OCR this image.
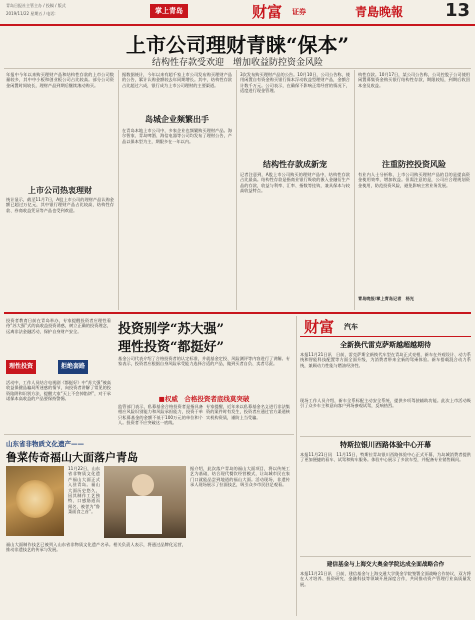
青岛日报社主管主办 / 投稿 / 版式
2019/11/22 星期五 / 电话:	掌上青岛	财富 证券	青島晚報 13
上市公司理财青睐“保本”
结构性存款受欢迎　增加收益防控资金风险
年报中今年以来购买理财产品和结构性存款的上市公司数量较多，其中中小板和创业板公司占比较高。部分公司资金闲置时间较长，理财产品到期后继续滚动购买。
上市公司热衷理财
统计显示，截至11月7日，A股上市公司的理财产品认购金额已超过万亿元，其中银行理财产品占比较高，结构性存款、券商收益凭证等产品也受到欢迎。
据数据统计，今年以来有超千家上市公司发布购买理财产品的公告，累计认购金额较去年同期增长。其中，结构性存款占比超过六成，银行成为上市公司理财的主要渠道。
岛城企业频繁出手
在青岛本地上市公司中，多家企业也频繁购买理财产品。海尔智家、青岛啤酒、海信电器等公司均发布了理财公告，产品以保本型为主，期限多在一年以内。
3次发布购买理财产品的公告。10月10日，公司公告称，使用闲置自有资金购买银行保本浮动收益型理财产品，金额合计数千万元。公司表示，在确保不影响正常经营的情况下，适度进行现金管理。
结构性存款成新宠
记者注意到，A股上市公司购买的理财产品中，结构性存款占比最高。结构性存款是指商业银行吸收的嵌入金融衍生产品的存款，收益与利率、汇率、指数等挂钩，兼具保本与较高收益特点。
构性存款。10月17日，某公司公告称，公司控股子公司使用闲置募集资金购买银行结构性存款，期限较短，到期后收回本金及收益。
注重防控投资风险
有业内人士分析称，上市公司购买理财产品的目的是提高资金使用效率，增加收益。但需注意的是，公司应合理规划资金使用，防范投资风险，避免影响主营业务发展。
青岛晚报/掌上青岛记者　杨光
投资者教育日前在青岛举办，专家提醒投资者应理性看待“苏大强”式的高收益投资诱惑，树立正确的投资理念，远离非法金融活动，保护自身财产安全。
理性投资	拒绝套路
活动中，工作人员结合电视剧《都挺好》中“苏大强”被高收益保健品骗局所迷惑的情节，向投资者讲解了常见的投资陷阱和识别方法，提醒大家“天上不会掉馅饼”，对于承诺保本高收益的产品要保持警惕。
投资别学“苏大强”
理性投资“都挺好”
基金公司代表介绍了合格投资者的认定标准，并就基金定投、风险测评等内容进行了讲解。专家表示，投资者应根据自身风险承受能力选择合适的产品，做到买者自负、卖者尽责。
■权威　合格投资者底线莫突破
监管部门表示，私募基金合格投资者是指具备相应风险识别能力和风险承担能力，投资于单只私募基金的金额不低于100万元的单位和个人。投资者不应突破这一底线。
专家提醒，近年来以私募基金名义进行非法集资的案件时有发生，投资者应通过官方渠道核实机构资质，谨防上当受骗。
山东省非物质文化遗产——
鲁菜传奇福山大面落户青岛
11月22日，山东省非物质文化遗产福山大面正式入驻青岛。福山大面历史悠久，因其制作工艺独特、口感筋道而闻名，被誉为“鲁菜面食之首”。
据介绍，此次落户青岛的福山大面项目，将以传统工艺为基础，结合现代餐饮经营模式，让岛城市民在家门口就能品尝到地道的福山大面。活动现场，非遗传承人现场展示了拉面技艺，吸引众多市民驻足观看。
福山大面制作技艺已被列入山东省非物质文化遗产名录。相关负责人表示，将通过品牌化运营，推动非遗技艺的传承与发展。
财富 汽车
全新换代雷克萨斯越超越期待
本报11月21日讯　日前，雷克萨斯全新换代车型在青岛正式亮相，新车在外观设计、动力系统和智能科技配置等方面全面升级，为消费者带来全新的驾乘体验。新车搭载混合动力系统，兼顾动力性能与燃油经济性。
现场工作人员介绍，新车全系标配主动安全系统，提供多项驾驶辅助功能。此次上市活动吸引了众多车主和意向客户到场参观试驾，反响热烈。
特斯拉银川西路体验中心开幕
本报11月21日讯　11月15日，特斯拉青岛银川西路体验中心正式开幕，为岛城消费者提供了更加便捷的看车、试驾和购车服务。体验中心展示了多款车型，并配备专业销售顾问。
建信基金与上海交大奥金学院达成全面战略合作
本报11月21日讯　日前，建信基金与上海交通大学奥金学院签署全面战略合作协议，双方将在人才培养、投资研究、金融科技等领域开展深度合作，共同推动资产管理行业高质量发展。
